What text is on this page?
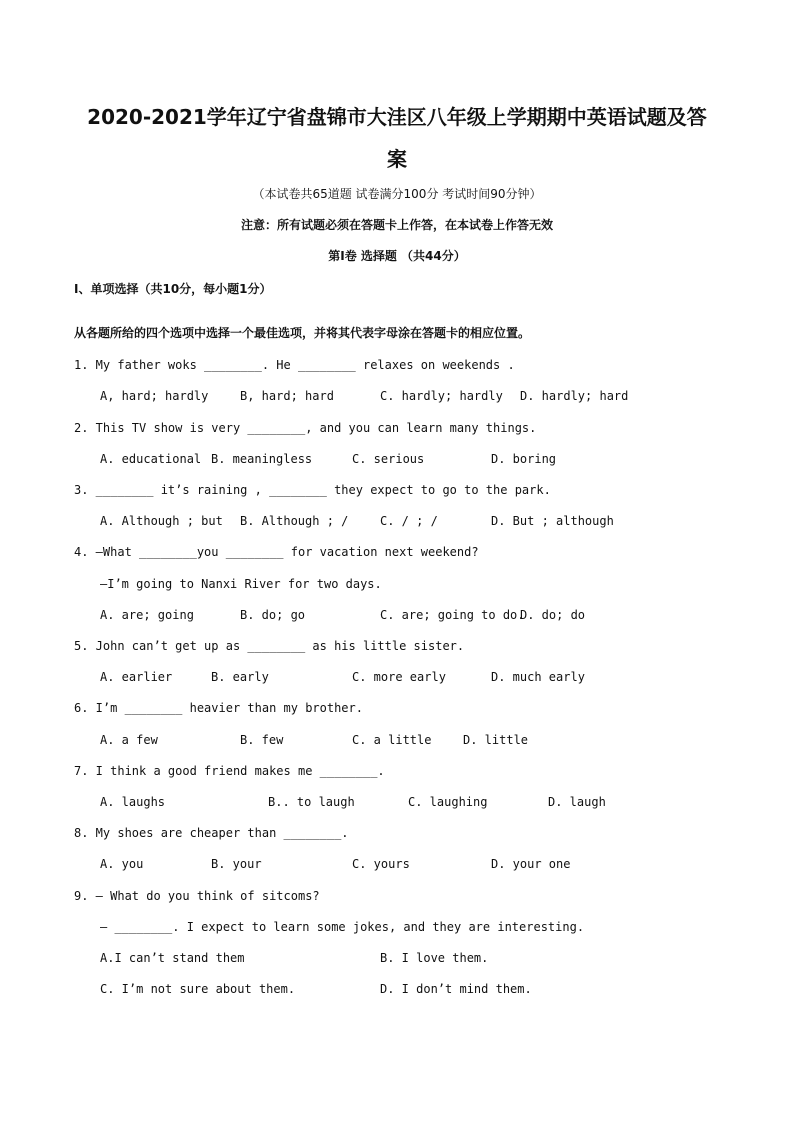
2020-2021学年辽宁省盘锦市大洼区八年级上学期期中英语试题及答
案
（本试卷共65道题 试卷满分100分 考试时间90分钟）
注意：所有试题必须在答题卡上作答，在本试卷上作答无效
第Ⅰ卷 选择题 （共44分）
Ⅰ、单项选择（共10分，每小题1分）
从各题所给的四个选项中选择一个最佳选项，并将其代表字母涂在答题卡的相应位置。
1. My father woks ________. He ________ relaxes on weekends .
A, hard; hardly	B, hard; hard	C. hardly; hardly D. hardly; hard
2. This TV show is very ________, and you can learn many things.
A. educational B. meaningless	C. serious	D. boring
3. ________ it’s raining , ________ they expect to go to the park.
A. Although ; but B. Although ; /	C. / ; /	D. But ; although
4. —What ________you ________ for vacation next weekend?
—I’m going to Nanxi River for two days.
A. are; going	B. do; go	C. are; going to do.
D. do; do
5. John can’t get up as ________ as his little sister.
A. earlier	B. early	C. more early	D. much early
6. I’m ________ heavier than my brother.
A. a few	B. few	C. a little	D. little
7. I think a good friend makes me ________.
A. laughs	B.. to laugh	C. laughing	D. laugh
8. My shoes are cheaper than ________.
A. you	B. your	C. yours	D. your one
9. — What do you think of sitcoms?
— ________. I expect to learn some jokes, and they are interesting.
A.I can’t stand them	B. I love them.
C. I’m not sure about them.	D. I don’t mind them.
